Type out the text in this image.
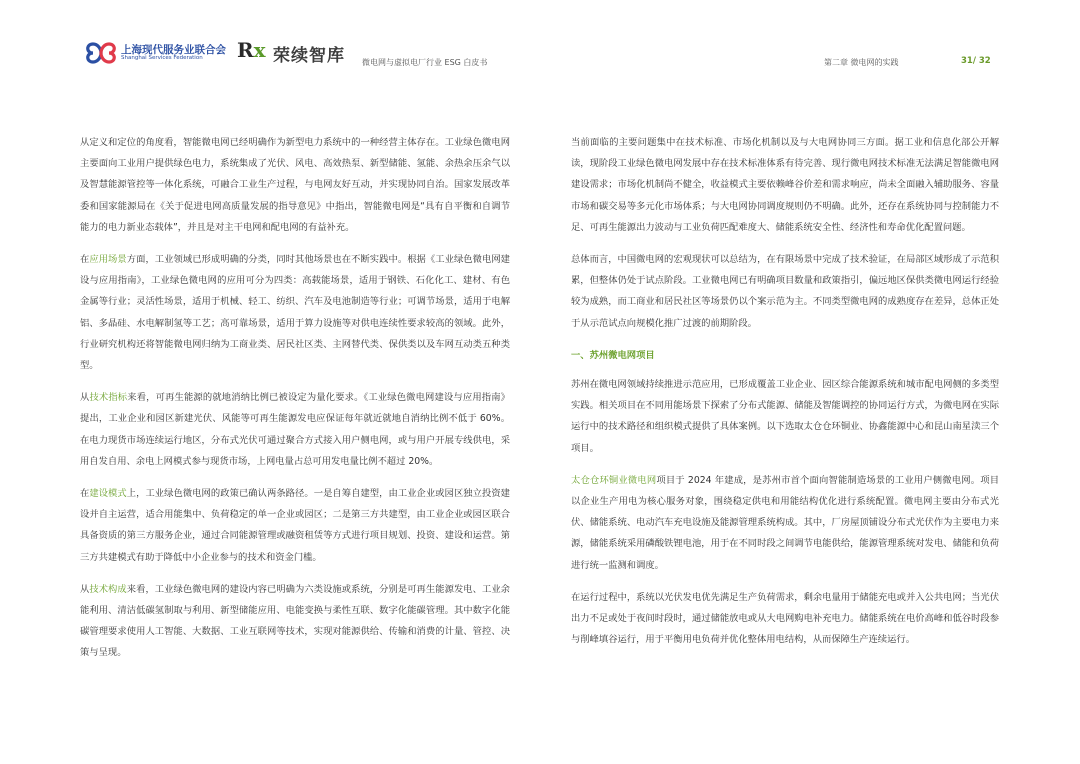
上海现代服务业联合会
Shanghai Services Federation Rx 荣续智库 微电网与虚拟电厂行业 ESG 白皮书	第二章 微电网的实践	31/ 32

从定义和定位的角度看，智能微电网已经明确作为新型电力系统中的一种经营主体存在。工业绿色微电网主要面向工业用户提供绿色电力，系统集成了光伏、风电、高效热泵、新型储能、氢能、余热余压余气以及智慧能源管控等一体化系统，可融合工业生产过程，与电网友好互动，并实现协同自治。国家发展改革委和国家能源局在《关于促进电网高质量发展的指导意见》中指出，智能微电网是“具有自平衡和自调节能力的电力新业态载体”，并且是对主干电网和配电网的有益补充。

在应用场景方面，工业领域已形成明确的分类，同时其他场景也在不断实践中。根据《工业绿色微电网建设与应用指南》，工业绿色微电网的应用可分为四类：高载能场景，适用于钢铁、石化化工、建材、有色金属等行业；灵活性场景，适用于机械、轻工、纺织、汽车及电池制造等行业；可调节场景，适用于电解铝、多晶硅、水电解制氢等工艺；高可靠场景，适用于算力设施等对供电连续性要求较高的领域。此外，行业研究机构还将智能微电网归纳为工商业类、居民社区类、主网替代类、保供类以及车网互动类五种类型。

从技术指标来看，可再生能源的就地消纳比例已被设定为量化要求。《工业绿色微电网建设与应用指南》提出，工业企业和园区新建光伏、风能等可再生能源发电应保证每年就近就地自消纳比例不低于 60%。在电力现货市场连续运行地区，分布式光伏可通过聚合方式接入用户侧电网，或与用户开展专线供电，采用自发自用、余电上网模式参与现货市场，上网电量占总可用发电量比例不超过 20%。

在建设模式上，工业绿色微电网的政策已确认两条路径。一是自筹自建型，由工业企业或园区独立投资建设并自主运营，适合用能集中、负荷稳定的单一企业或园区；二是第三方共建型，由工业企业或园区联合具备资质的第三方服务企业，通过合同能源管理或融资租赁等方式进行项目规划、投资、建设和运营。第三方共建模式有助于降低中小企业参与的技术和资金门槛。

从技术构成来看，工业绿色微电网的建设内容已明确为六类设施或系统，分别是可再生能源发电、工业余能利用、清洁低碳氢制取与利用、新型储能应用、电能变换与柔性互联、数字化能碳管理。其中数字化能碳管理要求使用人工智能、大数据、工业互联网等技术，实现对能源供给、传输和消费的计量、管控、决策与呈现。

当前面临的主要问题集中在技术标准、市场化机制以及与大电网协同三方面。据工业和信息化部公开解读，现阶段工业绿色微电网发展中存在技术标准体系有待完善、现行微电网技术标准无法满足智能微电网建设需求；市场化机制尚不健全，收益模式主要依赖峰谷价差和需求响应，尚未全面融入辅助服务、容量市场和碳交易等多元化市场体系；与大电网协同调度规则仍不明确。此外，还存在系统协同与控制能力不足、可再生能源出力波动与工业负荷匹配难度大、储能系统安全性、经济性和寿命优化配置问题。

总体而言，中国微电网的宏观现状可以总结为，在有限场景中完成了技术验证，在局部区域形成了示范积累，但整体仍处于试点阶段。工业微电网已有明确项目数量和政策指引，偏远地区保供类微电网运行经验较为成熟，而工商业和居民社区等场景仍以个案示范为主。不同类型微电网的成熟度存在差异，总体正处于从示范试点向规模化推广过渡的前期阶段。

一、苏州微电网项目

苏州在微电网领域持续推进示范应用，已形成覆盖工业企业、园区综合能源系统和城市配电网侧的多类型实践。相关项目在不同用能场景下探索了分布式能源、储能及智能调控的协同运行方式，为微电网在实际运行中的技术路径和组织模式提供了具体案例。以下选取太仓仓环铜业、协鑫能源中心和昆山南星渎三个项目。

太仓仓环铜业微电网项目于 2024 年建成，是苏州市首个面向智能制造场景的工业用户侧微电网。项目以企业生产用电为核心服务对象，围绕稳定供电和用能结构优化进行系统配置。微电网主要由分布式光伏、储能系统、电动汽车充电设施及能源管理系统构成。其中，厂房屋顶铺设分布式光伏作为主要电力来源，储能系统采用磷酸铁锂电池，用于在不同时段之间调节电能供给，能源管理系统对发电、储能和负荷进行统一监测和调度。

在运行过程中，系统以光伏发电优先满足生产负荷需求，剩余电量用于储能充电或并入公共电网；当光伏出力不足或处于夜间时段时，通过储能放电或从大电网购电补充电力。储能系统在电价高峰和低谷时段参与削峰填谷运行，用于平衡用电负荷并优化整体用电结构，从而保障生产连续运行。
